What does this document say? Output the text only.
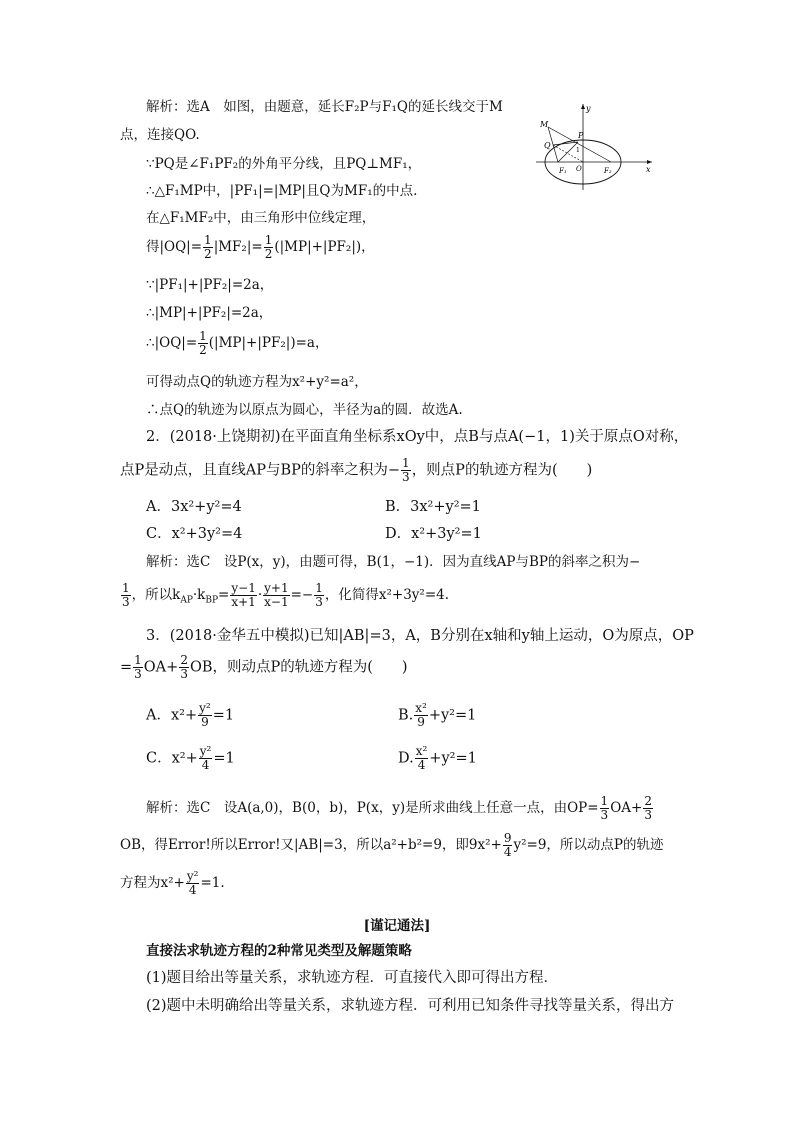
解析：选A　如图，由题意，延长F₂P与F₁Q的延长线交于M
点，连接QO.
∵PQ是∠F₁PF₂的外角平分线，且PQ⊥MF₁，
∴△F₁MP中，|PF₁|=|MP|且Q为MF₁的中点.
在△F₁MF₂中，由三角形中位线定理，
得$|OQ|= \frac{1}{2} |MF_2|= \frac{1}{2} (|MP|+|PF_2|)$，
∵|PF₁|+|PF₂|=2a，
∴|MP|+|PF₂|=2a，
∴|OQ|= $\frac{1}{2} (|MP|+|PF_2|)=a$，
可得动点Q的轨迹方程为x²+y²=a²，
∴点Q的轨迹为以原点为圆心，半径为a的圆．故选A.
y
M
P
Q
1
F₁ O	F₂	x
2．(2018·上饶期初)在平面直角坐标系xOy中，点B与点A(−1，1)关于原点O对称，
点P是动点，且直线AP与BP的斜率之积为− $\frac{1}{3}$ ，则点P的轨迹方程为(　　)
A．3x²+y²=4	B．3x²+y²=1
C．x²+3y²=4	D．x²+3y²=1
解析：选C　设P(x，y)，由题可得，B(1，−1)．因为直线AP与BP的斜率之积为−
$\frac{1}{3}$ ，所以$k_{AP}\cdot k_{BP}= \frac{y-1}{x+1} \cdot \frac{y+1}{x-1} =- \frac{1}{3}$ ，化简得x²+3y²=4.
3．(2018·金华五中模拟)已知|AB|=3，A，B分别在x轴和y轴上运动，O为原点，OP
= $\frac{1}{3} OA+ \frac{2}{3}$ OB，则动点P的轨迹方程为(　　)
A．$x^2+ \frac{\text{y²}}{9} =1$	B. $\frac{\text{x²}}{9} +y^2=1$
C．$x^2+ \frac{\text{y²}}{4} =1$	D. $\frac{\text{x²}}{4} +y^2=1$
解析：选C　设A(a,0)，B(0，b)，P(x，y)是所求曲线上任意一点，由$OP= \frac{1}{3} OA+ \frac{2}{3}$
OB，得Error!所以Error!又|AB|=3，所以a²+b²=9，即$9x^2+ \frac{9}{4} y^2=9$，所以动点P的轨迹
方程为$x^2+ \frac{\text{y²}}{4} =1$.
[谨记通法]
直接法求轨迹方程的2种常见类型及解题策略
(1)题目给出等量关系，求轨迹方程．可直接代入即可得出方程．
(2)题中未明确给出等量关系，求轨迹方程．可利用已知条件寻找等量关系，得出方
